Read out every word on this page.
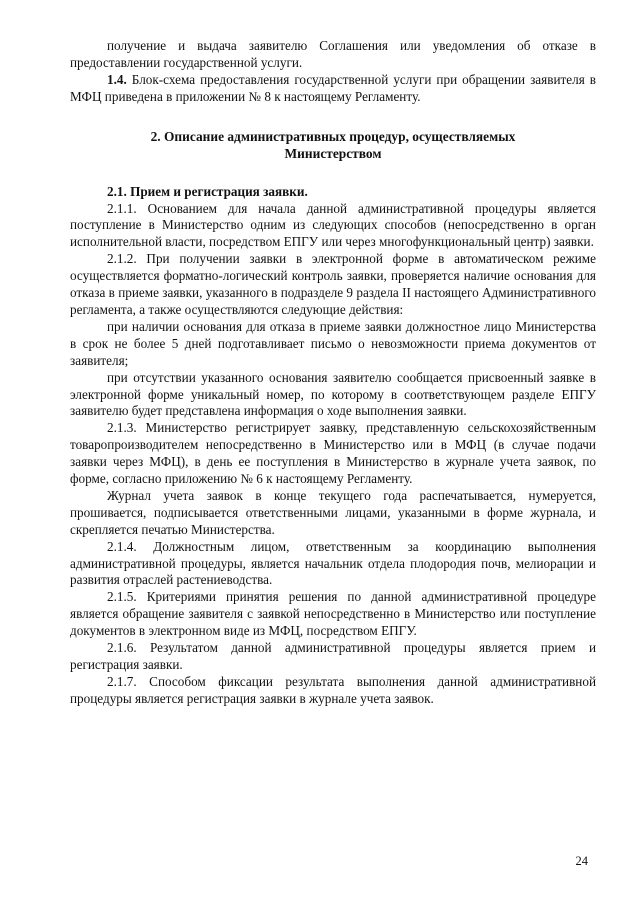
получение и выдача заявителю Соглашения или уведомления об отказе в предоставлении государственной услуги.

1.4. Блок-схема предоставления государственной услуги при обращении заявителя в МФЦ приведена в приложении № 8 к настоящему Регламенту.

2. Описание административных процедур, осуществляемых

Министерством

2.1. Прием и регистрация заявки.

2.1.1. Основанием для начала данной административной процедуры является поступление в Министерство одним из следующих способов (непосредственно в орган исполнительной власти, посредством ЕПГУ или через многофункциональный центр) заявки.

2.1.2. При получении заявки в электронной форме в автоматическом режиме осуществляется форматно-логический контроль заявки, проверяется наличие основания для отказа в приеме заявки, указанного в подразделе 9 раздела II настоящего Административного регламента, а также осуществляются следующие действия:

при наличии основания для отказа в приеме заявки должностное лицо Министерства в срок не более 5 дней подготавливает письмо о невозможности приема документов от заявителя;

при отсутствии указанного основания заявителю сообщается присвоенный заявке в электронной форме уникальный номер, по которому в соответствующем разделе ЕПГУ заявителю будет представлена информация о ходе выполнения заявки.

2.1.3. Министерство регистрирует заявку, представленную сельскохозяйственным товаропроизводителем непосредственно в Министерство или в МФЦ (в случае подачи заявки через МФЦ), в день ее поступления в Министерство в журнале учета заявок, по форме, согласно приложению № 6 к настоящему Регламенту.

Журнал учета заявок в конце текущего года распечатывается, нумеруется, прошивается, подписывается ответственными лицами, указанными в форме журнала, и скрепляется печатью Министерства.

2.1.4. Должностным лицом, ответственным за координацию выполнения административной процедуры, является начальник отдела плодородия почв, мелиорации и развития отраслей растениеводства.

2.1.5. Критериями принятия решения по данной административной процедуре является обращение заявителя с заявкой непосредственно в Министерство или поступление документов в электронном виде из МФЦ, посредством ЕПГУ.

2.1.6. Результатом данной административной процедуры является прием и регистрация заявки.

2.1.7. Способом фиксации результата выполнения данной административной процедуры является регистрация заявки в журнале учета заявок.

24
